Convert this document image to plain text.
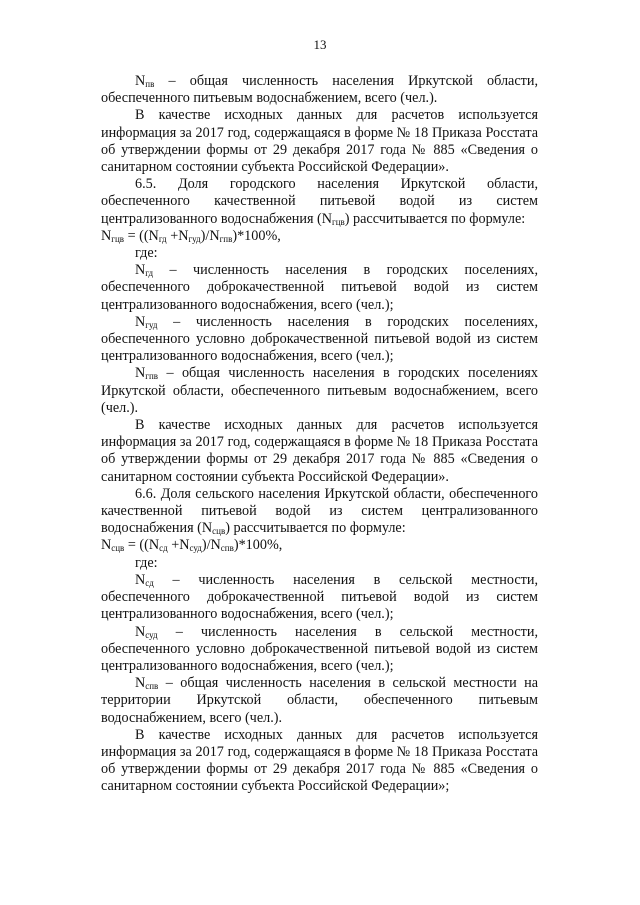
13

$N_{пв}$ – общая численность населения Иркутской области, обеспеченного питьевым водоснабжением, всего (чел.).

В качестве исходных данных для расчетов используется информация за 2017 год, содержащаяся в форме № 18 Приказа Росстата об утверждении формы от 29 декабря 2017 года № 885 «Сведения о санитарном состоянии субъекта Российской Федерации».

6.5. Доля городского населения Иркутской области, обеспеченного качественной питьевой водой из систем централизованного водоснабжения $(N_{гцв})$ рассчитывается по формуле:

$N_{гцв} = ((N_{гд} +N_{гуд})/N_{гпв})*100\%$,

где:

$N_{гд}$ – численность населения в городских поселениях, обеспеченного доброкачественной питьевой водой из систем централизованного водоснабжения, всего (чел.);

$N_{гуд}$ – численность населения в городских поселениях, обеспеченного условно доброкачественной питьевой водой из систем централизованного водоснабжения, всего (чел.);

$N_{гпв}$ – общая численность населения в городских поселениях Иркутской области, обеспеченного питьевым водоснабжением, всего (чел.).

В качестве исходных данных для расчетов используется информация за 2017 год, содержащаяся в форме № 18 Приказа Росстата об утверждении формы от 29 декабря 2017 года № 885 «Сведения о санитарном состоянии субъекта Российской Федерации».

6.6. Доля сельского населения Иркутской области, обеспеченного качественной питьевой водой из систем централизованного водоснабжения $(N_{сцв})$ рассчитывается по формуле:

$N_{сцв} = ((N_{сд} +N_{суд})/N_{спв})*100\%$,

где:

$N_{сд}$ – численность населения в сельской местности, обеспеченного доброкачественной питьевой водой из систем централизованного водоснабжения, всего (чел.);

$N_{суд}$ – численность населения в сельской местности, обеспеченного условно доброкачественной питьевой водой из систем централизованного водоснабжения, всего (чел.);

$N_{спв}$ – общая численность населения в сельской местности на территории Иркутской области, обеспеченного питьевым водоснабжением, всего (чел.).

В качестве исходных данных для расчетов используется информация за 2017 год, содержащаяся в форме № 18 Приказа Росстата об утверждении формы от 29 декабря 2017 года № 885 «Сведения о санитарном состоянии субъекта Российской Федерации»;
